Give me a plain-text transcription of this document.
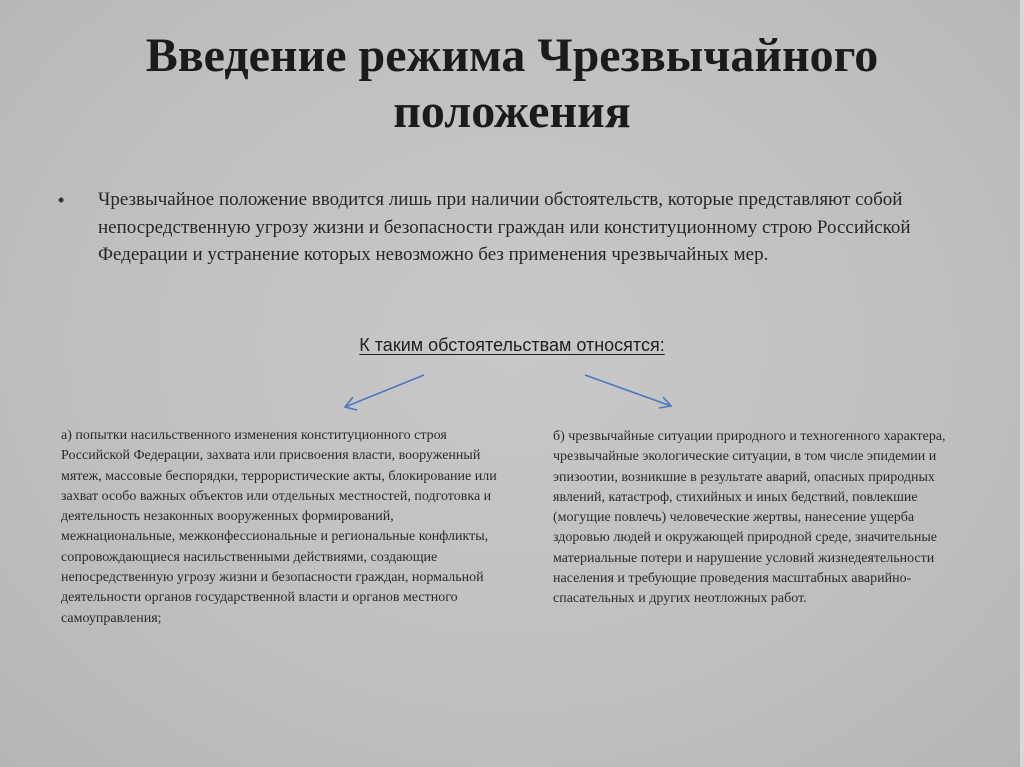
Введение режима Чрезвычайного положения
• Чрезвычайное положение вводится лишь при наличии обстоятельств, которые представляют собой непосредственную угрозу жизни и безопасности граждан или конституционному строю Российской Федерации и устранение которых невозможно без применения чрезвычайных мер.

К таким обстоятельствам относятся:

а) попытки насильственного изменения конституционного строя Российской Федерации, захвата или присвоения власти, вооруженный мятеж, массовые беспорядки, террористические акты, блокирование или захват особо важных объектов или отдельных местностей, подготовка и деятельность незаконных вооруженных формирований, межнациональные, межконфессиональные и региональные конфликты, сопровождающиеся насильственными действиями, создающие непосредственную угрозу жизни и безопасности граждан, нормальной деятельности органов государственной власти и органов местного самоуправления;

б) чрезвычайные ситуации природного и техногенного характера, чрезвычайные экологические ситуации, в том числе эпидемии и эпизоотии, возникшие в результате аварий, опасных природных явлений, катастроф, стихийных и иных бедствий, повлекшие (могущие повлечь) человеческие жертвы, нанесение ущерба здоровью людей и окружающей природной среде, значительные материальные потери и нарушение условий жизнедеятельности населения и требующие проведения масштабных аварийно-спасательных и других неотложных работ.
